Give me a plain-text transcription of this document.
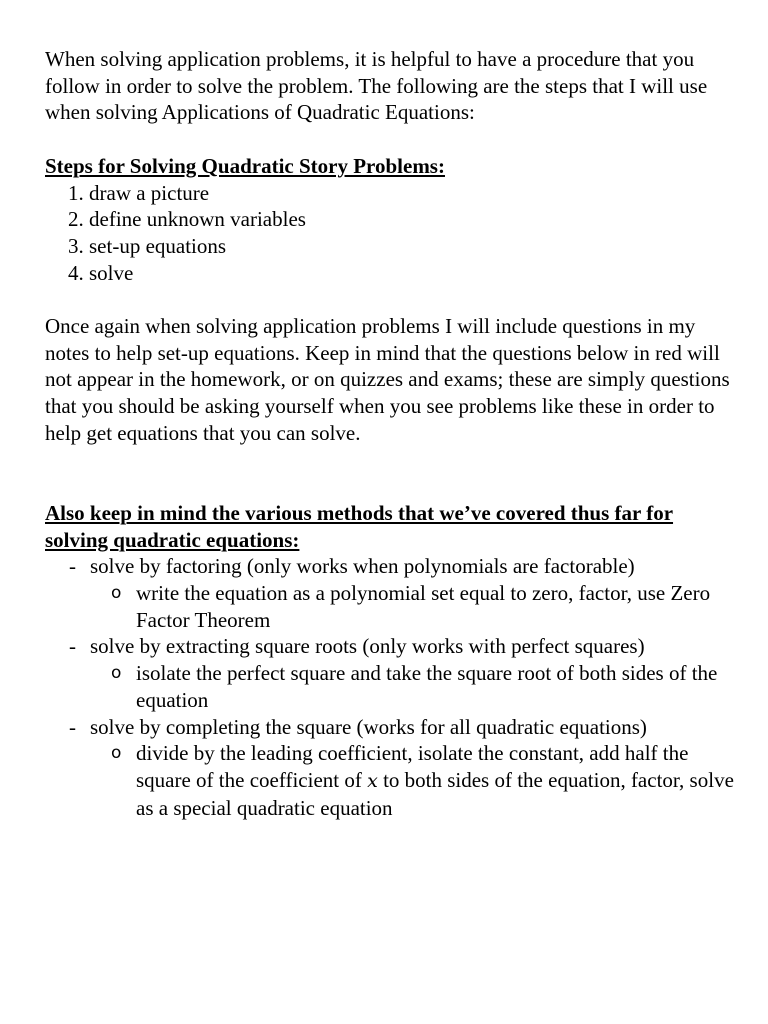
When solving application problems, it is helpful to have a procedure that you follow in order to solve the problem. The following are the steps that I will use when solving Applications of Quadratic Equations:

Steps for Solving Quadratic Story Problems:

1. draw a picture
2. define unknown variables
3. set-up equations
4. solve

Once again when solving application problems I will include questions in my notes to help set-up equations. Keep in mind that the questions below in red will not appear in the homework, or on quizzes and exams; these are simply questions that you should be asking yourself when you see problems like these in order to help get equations that you can solve.

Also keep in mind the various methods that we’ve covered thus far for solving quadratic equations:

- solve by factoring (only works when polynomials are factorable)
o write the equation as a polynomial set equal to zero, factor, use Zero Factor Theorem
- solve by extracting square roots (only works with perfect squares)
o isolate the perfect square and take the square root of both sides of the equation
- solve by completing the square (works for all quadratic equations)
o divide by the leading coefficient, isolate the constant, add half the square of the coefficient of x to both sides of the equation, factor, solve as a special quadratic equation
